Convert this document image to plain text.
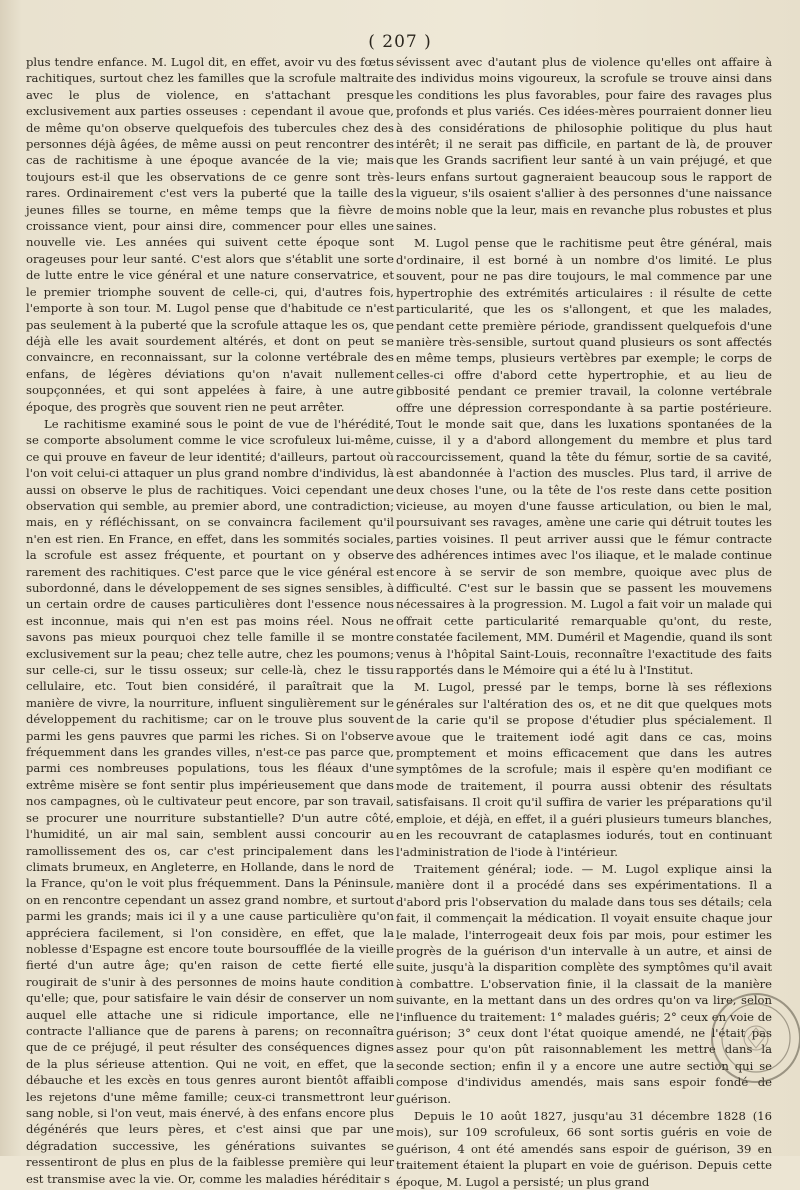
( 207 )

plus tendre enfance. M. Lugol dit, en effet, avoir vu des fœtus rachitiques, surtout chez les familles que la scrofule maltraite avec le plus de violence, en s'attachant presque exclusivement aux parties osseuses : cependant il avoue que, de même qu'on observe quelquefois des tubercules chez des personnes déjà âgées, de même aussi on peut rencontrer des cas de rachitisme à une époque avancée de la vie; mais toujours est-il que les observations de ce genre sont très-rares. Ordinairement c'est vers la puberté que la taille des jeunes filles se tourne, en même temps que la fièvre de croissance vient, pour ainsi dire, commencer pour elles une nouvelle vie. Les années qui suivent cette époque sont orageuses pour leur santé. C'est alors que s'établit une sorte de lutte entre le vice général et une nature conservatrice, et le premier triomphe souvent de celle-ci, qui, d'autres fois, l'emporte à son tour. M. Lugol pense que d'habitude ce n'est pas seulement à la puberté que la scrofule attaque les os, que déjà elle les avait sourdement altérés, et dont on peut se convaincre, en reconnaissant, sur la colonne vertébrale des enfans, de légères déviations qu'on n'avait nullement soupçonnées, et qui sont appelées à faire, à une autre époque, des progrès que souvent rien ne peut arrêter.

Le rachitisme examiné sous le point de vue de l'hérédité, se comporte absolument comme le vice scrofuleux lui-même, ce qui prouve en faveur de leur identité; d'ailleurs, partout où l'on voit celui-ci attaquer un plus grand nombre d'individus, là aussi on observe le plus de rachitiques. Voici cependant une observation qui semble, au premier abord, une contradiction; mais, en y réfléchissant, on se convaincra facilement qu'il n'en est rien. En France, en effet, dans les sommités sociales, la scrofule est assez fréquente, et pourtant on y observe rarement des rachitiques. C'est parce que le vice général est subordonné, dans le développement de ses signes sensibles, à un certain ordre de causes particulières dont l'essence nous est inconnue, mais qui n'en est pas moins réel. Nous ne savons pas mieux pourquoi chez telle famille il se montre exclusivement sur la peau; chez telle autre, chez les poumons; sur celle-ci, sur le tissu osseux; sur celle-là, chez le tissu cellulaire, etc. Tout bien considéré, il paraîtrait que la manière de vivre, la nourriture, influent singulièrement sur le développement du rachitisme; car on le trouve plus souvent parmi les gens pauvres que parmi les riches. Si on l'observe fréquemment dans les grandes villes, n'est-ce pas parce que, parmi ces nombreuses populations, tous les fléaux d'une extrême misère se font sentir plus impérieusement que dans nos campagnes, où le cultivateur peut encore, par son travail, se procurer une nourriture substantielle? D'un autre côté, l'humidité, un air mal sain, semblent aussi concourir au ramollissement des os, car c'est principalement dans les climats brumeux, en Angleterre, en Hollande, dans le nord de la France, qu'on le voit plus fréquemment. Dans la Péninsule, on en rencontre cependant un assez grand nombre, et surtout parmi les grands; mais ici il y a une cause particulière qu'on appréciera facilement, si l'on considère, en effet, que la noblesse d'Espagne est encore toute boursoufflée de la vieille fierté d'un autre âge; qu'en raison de cette fierté elle rougirait de s'unir à des personnes de moins haute condition qu'elle; que, pour satisfaire le vain désir de conserver un nom auquel elle attache une si ridicule importance, elle ne contracte l'alliance que de parens à parens; on reconnaîtra que de ce préjugé, il peut résulter des conséquences dignes de la plus sérieuse attention. Qui ne voit, en effet, que la débauche et les excès en tous genres auront bientôt affaibli les rejetons d'une même famille; ceux-ci transmettront leur sang noble, si l'on veut, mais énervé, à des enfans encore plus dégénérés que leurs pères, et c'est ainsi que par une dégradation successive, les générations suivantes se ressentiront de plus en plus de la faiblesse première qui leur est transmise avec la vie. Or, comme les maladies héréditair s

sévissent avec d'autant plus de violence qu'elles ont affaire à des individus moins vigoureux, la scrofule se trouve ainsi dans les conditions les plus favorables, pour faire des ravages plus profonds et plus variés. Ces idées-mères pourraient donner lieu à des considérations de philosophie politique du plus haut intérêt; il ne serait pas difficile, en partant de là, de prouver que les Grands sacrifient leur santé à un vain préjugé, et que leurs enfans surtout gagneraient beaucoup sous le rapport de la vigueur, s'ils osaient s'allier à des personnes d'une naissance moins noble que la leur, mais en revanche plus robustes et plus saines.

M. Lugol pense que le rachitisme peut être général, mais d'ordinaire, il est borné à un nombre d'os limité. Le plus souvent, pour ne pas dire toujours, le mal commence par une hypertrophie des extrémités articulaires : il résulte de cette particularité, que les os s'allongent, et que les malades, pendant cette première période, grandissent quelquefois d'une manière très-sensible, surtout quand plusieurs os sont affectés en même temps, plusieurs vertèbres par exemple; le corps de celles-ci offre d'abord cette hypertrophie, et au lieu de gibbosité pendant ce premier travail, la colonne vertébrale offre une dépression correspondante à sa partie postérieure. Tout le monde sait que, dans les luxations spontanées de la cuisse, il y a d'abord allongement du membre et plus tard raccourcissement, quand la tête du fémur, sortie de sa cavité, est abandonnée à l'action des muscles. Plus tard, il arrive de deux choses l'une, ou la tête de l'os reste dans cette position vicieuse, au moyen d'une fausse articulation, ou bien le mal, poursuivant ses ravages, amène une carie qui détruit toutes les parties voisines. Il peut arriver aussi que le fémur contracte des adhérences intimes avec l'os iliaque, et le malade continue encore à se servir de son membre, quoique avec plus de difficulté. C'est sur le bassin que se passent les mouvemens nécessaires à la progression. M. Lugol a fait voir un malade qui offrait cette particularité remarquable qu'ont, du reste, constatée facilement, MM. Duméril et Magendie, quand ils sont venus à l'hôpital Saint-Louis, reconnaître l'exactitude des faits rapportés dans le Mémoire qui a été lu à l'Institut.

M. Lugol, pressé par le temps, borne là ses réflexions générales sur l'altération des os, et ne dit que quelques mots de la carie qu'il se propose d'étudier plus spécialement. Il avoue que le traitement iodé agit dans ce cas, moins promptement et moins efficacement que dans les autres symptômes de la scrofule; mais il espère qu'en modifiant ce mode de traitement, il pourra aussi obtenir des résultats satisfaisans. Il croit qu'il suffira de varier les préparations qu'il emploie, et déjà, en effet, il a guéri plusieurs tumeurs blanches, en les recouvrant de cataplasmes iodurés, tout en continuant l'administration de l'iode à l'intérieur.

Traitement général; iode. — M. Lugol explique ainsi la manière dont il a procédé dans ses expérimentations. Il a d'abord pris l'observation du malade dans tous ses détails; cela fait, il commençait la médication. Il voyait ensuite chaque jour le malade, l'interrogeait deux fois par mois, pour estimer les progrès de la guérison d'un intervalle à un autre, et ainsi de suite, jusqu'à la disparition complète des symptômes qu'il avait à combattre. L'observation finie, il la classait de la manière suivante, en la mettant dans un des ordres qu'on va lire, selon l'influence du traitement: 1° malades guéris; 2° ceux en voie de guérison; 3° ceux dont l'état quoique amendé, ne l'était pas assez pour qu'on pût raisonnablement les mettre dans la seconde section; enfin il y a encore une autre section qui se compose d'individus amendés, mais sans espoir fondé de guérison.

Depuis le 10 août 1827, jusqu'au 31 décembre 1828 (16 mois), sur 109 scrofuleux, 66 sont sortis guéris en voie de guérison, 4 ont été amendés sans espoir de guérison, 39 en traitement étaient la plupart en voie de guérison. Depuis cette époque, M. Lugol a persisté; un plus grand
